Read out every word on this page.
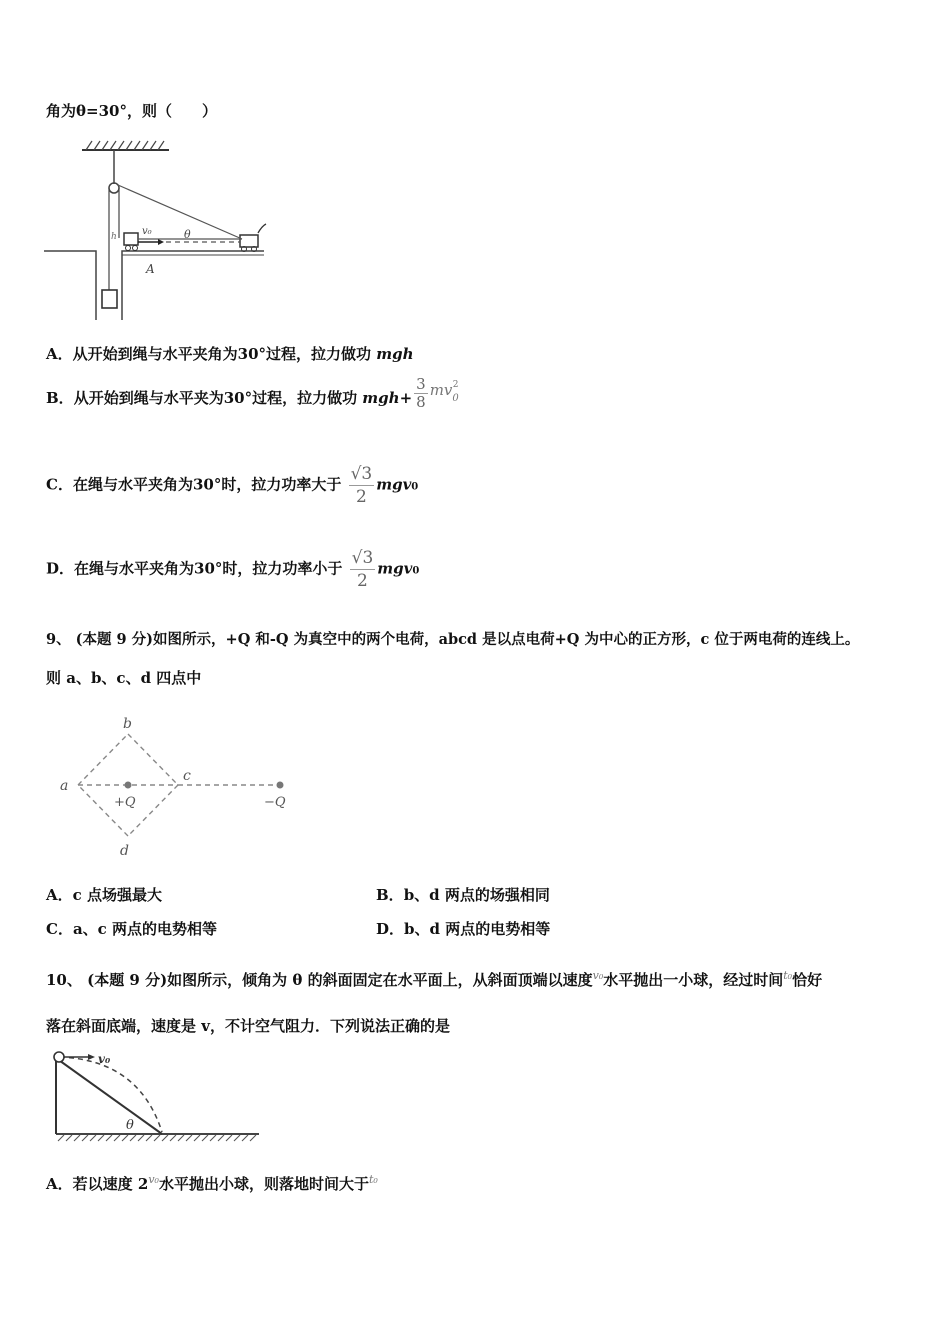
角为θ=30°，则（　　）
v₀	θ
A
h
A．从开始到绳与水平夹角为30°过程，拉力做功 mgh
B．从开始到绳与水平夹为30°过程，拉力做功 $mgh+ \frac{3}{8} mv0^2$
C．在绳与水平夹角为30°时，拉力功率大于 $\frac{√3}{2} mgv0$
D．在绳与水平夹角为30°时，拉力功率小于 $\frac{√3}{2} mgv0$
9、 (本题 9 分)如图所示，+Q 和-Q 为真空中的两个电荷，abcd 是以点电荷+Q 为中心的正方形，c 位于两电荷的连线上。
则 a、b、c、d 四点中
a
b
c
d
+Q	−Q
A．c 点场强最大	B．b、d 两点的场强相同
C．a、c 两点的电势相等	D．b、d 两点的电势相等
10、 (本题 9 分)如图所示，倾角为 θ 的斜面固定在水平面上，从斜面顶端以速度$^{v_0}$水平抛出一小球，经过时间$^{t_0}$恰好
落在斜面底端，速度是 v，不计空气阻力．下列说法正确的是
v₀
θ
A．若以速度 $2^{v_0}$水平抛出小球，则落地时间大于$^{t_0}$
